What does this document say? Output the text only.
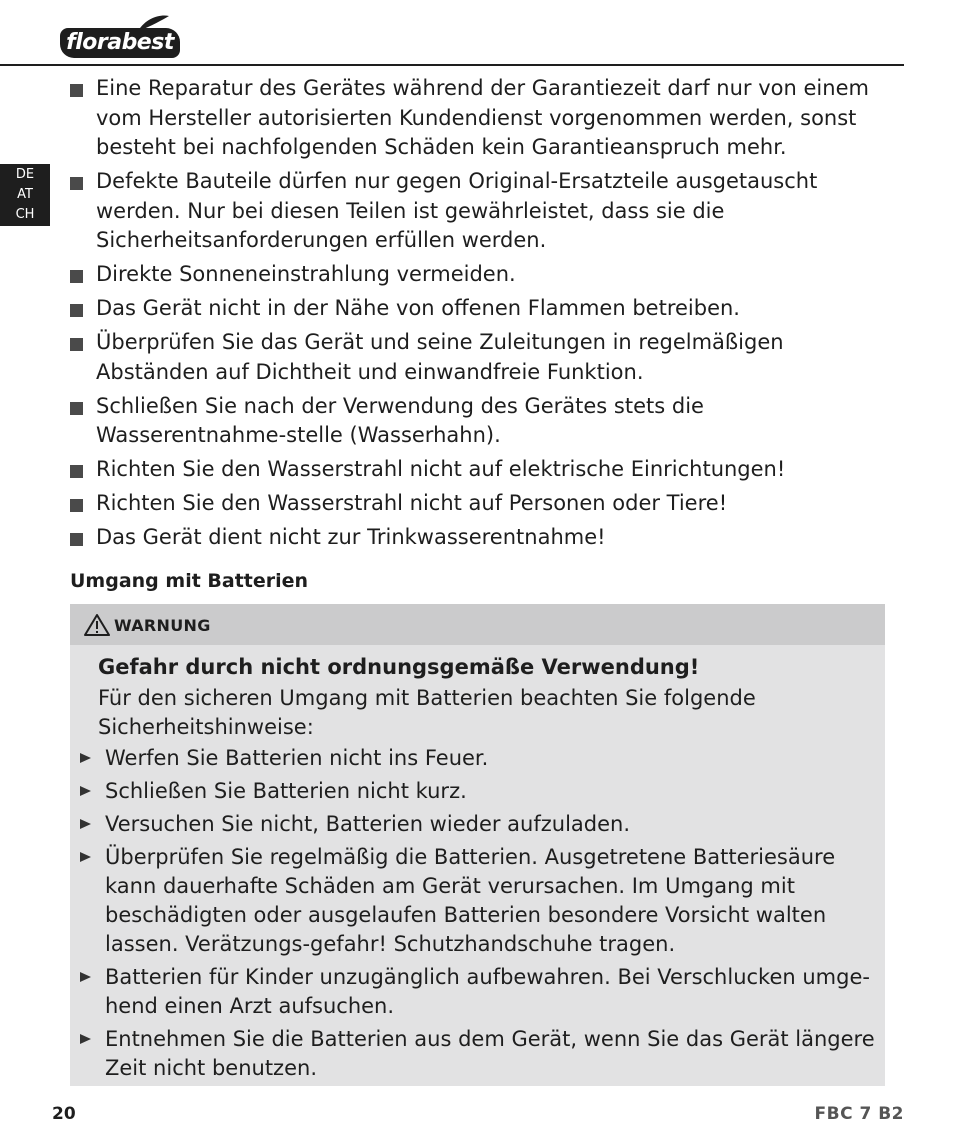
florabest
DE
AT
CH
Eine Reparatur des Gerätes während der Garantiezeit darf nur von einem vom Hersteller autorisierten Kundendienst vorgenommen werden, sonst besteht bei nachfolgenden Schäden kein Garantieanspruch mehr.
Defekte Bauteile dürfen nur gegen Original-Ersatzteile ausgetauscht werden. Nur bei diesen Teilen ist gewährleistet, dass sie die Sicherheitsanforderungen erfüllen werden.
Direkte Sonneneinstrahlung vermeiden.
Das Gerät nicht in der Nähe von offenen Flammen betreiben.
Überprüfen Sie das Gerät und seine Zuleitungen in regelmäßigen Abständen auf Dichtheit und einwandfreie Funktion.
Schließen Sie nach der Verwendung des Gerätes stets die Wasserentnahme-stelle (Wasserhahn).
Richten Sie den Wasserstrahl nicht auf elektrische Einrichtungen!
Richten Sie den Wasserstrahl nicht auf Personen oder Tiere!
Das Gerät dient nicht zur Trinkwasserentnahme!
Umgang mit Batterien
WARNUNG
Gefahr durch nicht ordnungsgemäße Verwendung!
Für den sicheren Umgang mit Batterien beachten Sie folgende Sicherheitshinweise:
Werfen Sie Batterien nicht ins Feuer.
Schließen Sie Batterien nicht kurz.
Versuchen Sie nicht, Batterien wieder aufzuladen.
Überprüfen Sie regelmäßig die Batterien. Ausgetretene Batteriesäure kann dauerhafte Schäden am Gerät verursachen. Im Umgang mit beschädigten oder ausgelaufen Batterien besondere Vorsicht walten lassen. Verätzungs-gefahr! Schutzhandschuhe tragen.
Batterien für Kinder unzugänglich aufbewahren. Bei Verschlucken umge-hend einen Arzt aufsuchen.
Entnehmen Sie die Batterien aus dem Gerät, wenn Sie das Gerät längere Zeit nicht benutzen.
20	FBC 7 B2
